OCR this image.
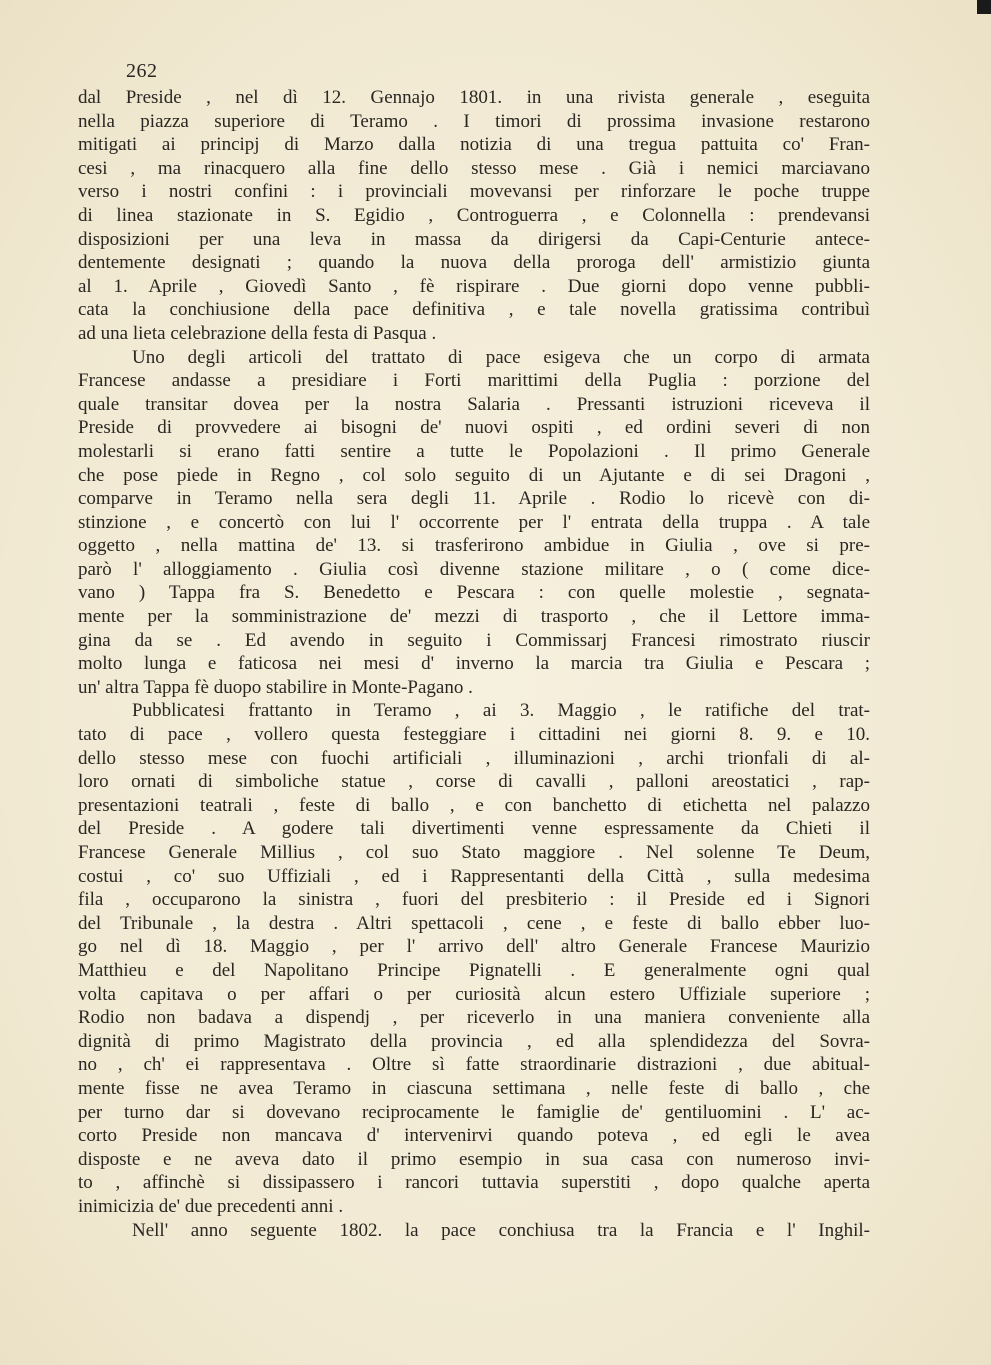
262
dal Preside , nel dì 12. Gennajo 1801. in una rivista generale , eseguita
nella piazza superiore di Teramo . I timori di prossima invasione restarono
mitigati ai principj di Marzo dalla notizia di una tregua pattuita co' Fran-
cesi , ma rinacquero alla fine dello stesso mese . Già i nemici marciavano
verso i nostri confini : i provinciali movevansi per rinforzare le poche truppe
di linea stazionate in S. Egidio , Controguerra , e Colonnella : prendevansi
disposizioni per una leva in massa da dirigersi da Capi-Centurie antece-
dentemente designati ; quando la nuova della proroga dell' armistizio giunta
al 1. Aprile , Giovedì Santo , fè rispirare . Due giorni dopo venne pubbli-
cata la conchiusione della pace definitiva , e tale novella gratissima contribuì
ad una lieta celebrazione della festa di Pasqua .
Uno degli articoli del trattato di pace esigeva che un corpo di armata
Francese andasse a presidiare i Forti marittimi della Puglia : porzione del
quale transitar dovea per la nostra Salaria . Pressanti istruzioni riceveva il
Preside di provvedere ai bisogni de' nuovi ospiti , ed ordini severi di non
molestarli si erano fatti sentire a tutte le Popolazioni . Il primo Generale
che pose piede in Regno , col solo seguito di un Ajutante e di sei Dragoni ,
comparve in Teramo nella sera degli 11. Aprile . Rodio lo ricevè con di-
stinzione , e concertò con lui l' occorrente per l' entrata della truppa . A tale
oggetto , nella mattina de' 13. si trasferirono ambidue in Giulia , ove si pre-
parò l' alloggiamento . Giulia così divenne stazione militare , o ( come dice-
vano ) Tappa fra S. Benedetto e Pescara : con quelle molestie , segnata-
mente per la somministrazione de' mezzi di trasporto , che il Lettore imma-
gina da se . Ed avendo in seguito i Commissarj Francesi rimostrato riuscir
molto lunga e faticosa nei mesi d' inverno la marcia tra Giulia e Pescara ;
un' altra Tappa fè duopo stabilire in Monte-Pagano .
Pubblicatesi frattanto in Teramo , ai 3. Maggio , le ratifiche del trat-
tato di pace , vollero questa festeggiare i cittadini nei giorni 8. 9. e 10.
dello stesso mese con fuochi artificiali , illuminazioni , archi trionfali di al-
loro ornati di simboliche statue , corse di cavalli , palloni areostatici , rap-
presentazioni teatrali , feste di ballo , e con banchetto di etichetta nel palazzo
del Preside . A godere tali divertimenti venne espressamente da Chieti il
Francese Generale Millius , col suo Stato maggiore . Nel solenne Te Deum,
costui , co' suo Uffiziali , ed i Rappresentanti della Città , sulla medesima
fila , occuparono la sinistra , fuori del presbiterio : il Preside ed i Signori
del Tribunale , la destra . Altri spettacoli , cene , e feste di ballo ebber luo-
go nel dì 18. Maggio , per l' arrivo dell' altro Generale Francese Maurizio
Matthieu e del Napolitano Principe Pignatelli . E generalmente ogni qual
volta capitava o per affari o per curiosità alcun estero Uffiziale superiore ;
Rodio non badava a dispendj , per riceverlo in una maniera conveniente alla
dignità di primo Magistrato della provincia , ed alla splendidezza del Sovra-
no , ch' ei rappresentava . Oltre sì fatte straordinarie distrazioni , due abitual-
mente fisse ne avea Teramo in ciascuna settimana , nelle feste di ballo , che
per turno dar si dovevano reciprocamente le famiglie de' gentiluomini . L' ac-
corto Preside non mancava d' intervenirvi quando poteva , ed egli le avea
disposte e ne aveva dato il primo esempio in sua casa con numeroso invi-
to , affinchè si dissipassero i rancori tuttavia superstiti , dopo qualche aperta
inimicizia de' due precedenti anni .
Nell' anno seguente 1802. la pace conchiusa tra la Francia e l' Inghil-
